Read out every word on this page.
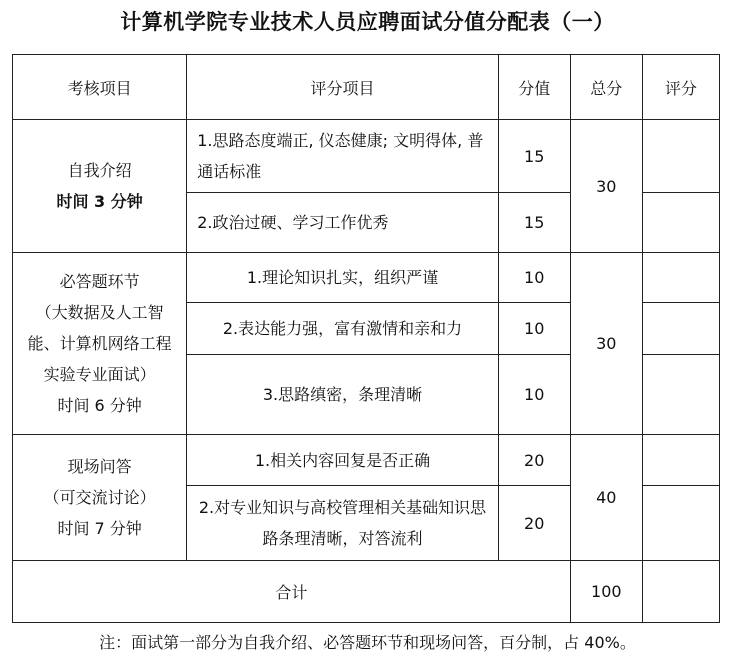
计算机学院专业技术人员应聘面试分值分配表（一）
考核项目	评分项目	分值	总分	评分

自我介绍
时间 3 分钟	1.思路态度端正, 仪态健康; 文明得体, 普通话标准	15	30	
	2.政治过硬、学习工作优秀	15		

必答题环节
（大数据及人工智
能、计算机网络工程
实验专业面试）
时间 6 分钟	1.理论知识扎实，组织严谨	10	30	
	2.表达能力强，富有激情和亲和力	10		
	3.思路缜密，条理清晰	10		

现场问答
（可交流讨论）
时间 7 分钟	1.相关内容回复是否正确	20	40	
	2.对专业知识与高校管理相关基础知识思路条理清晰，对答流利	20		
合计			100	
注：面试第一部分为自我介绍、必答题环节和现场问答，百分制，占 40%。
